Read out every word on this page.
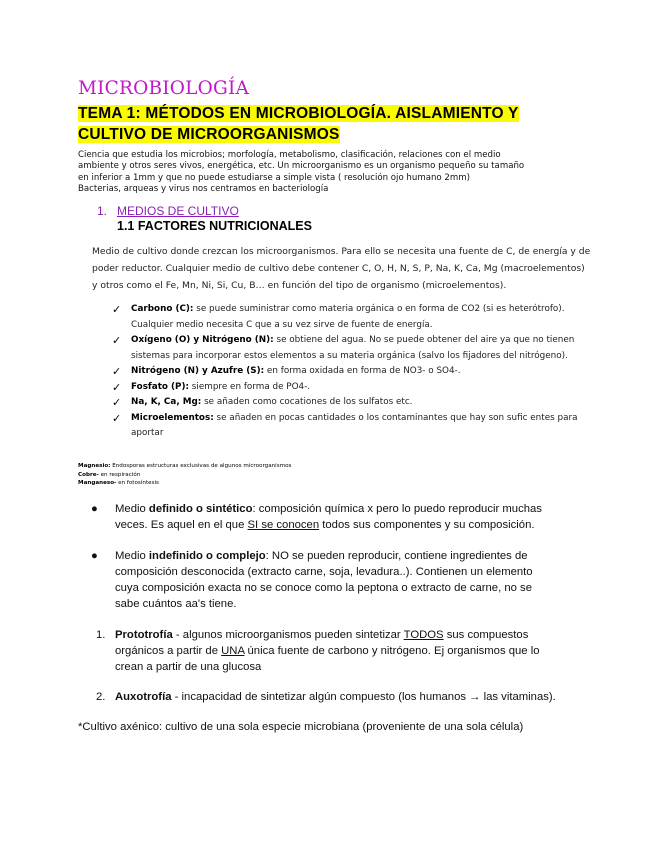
MICROBIOLOGÍA
TEMA 1: MÉTODOS EN MICROBIOLOGÍA. AISLAMIENTO Y
CULTIVO DE MICROORGANISMOS

Ciencia que estudia los microbios; morfología, metabolismo, clasificación, relaciones con el medio

ambiente y otros seres vivos, energética, etc. Un microorganismo es un organismo pequeño su tamaño

en inferior a 1mm y que no puede estudiarse a simple vista ( resolución ojo humano 2mm)

Bacterias, arqueas y virus nos centramos en bacteriología

1. MEDIOS DE CULTIVO
1.1 FACTORES NUTRICIONALES

Medio de cultivo donde crezcan los microorganismos. Para ello se necesita una fuente de C, de energía y de

poder reductor. Cualquier medio de cultivo debe contener C, O, H, N, S, P, Na, K, Ca, Mg (macroelementos)

y otros como el Fe, Mn, Ni, Si, Cu, B… en función del tipo de organismo (microelementos).

✓ Carbono (C): se puede suministrar como materia orgánica o en forma de CO2 (si es heterótrofo).

Cualquier medio necesita C que a su vez sirve de fuente de energía.

✓ Oxígeno (O) y Nitrógeno (N): se obtiene del agua. No se puede obtener del aire ya que no tienen

sistemas para incorporar estos elementos a su materia orgánica (salvo los fijadores del nitrógeno).

✓ Nitrógeno (N) y Azufre (S): en forma oxidada en forma de NO3- o SO4-.

✓ Fosfato (P): siempre en forma de PO4-.

✓ Na, K, Ca, Mg: se añaden como cocationes de los sulfatos etc.

✓ Microelementos: se añaden en pocas cantidades o los contaminantes que hay son sufic entes para

aportar

Magnesio: Endosporas estructuras exclusivas de algunos microorganismos

Cobre- en respiración

Manganeso- en fotosíntesis

● Medio definido o sintético: composición química x pero lo puedo reproducir muchas

veces. Es aquel en el que SI se conocen todos sus componentes y su composición.

● Medio indefinido o complejo: NO se pueden reproducir, contiene ingredientes de

composición desconocida (extracto carne, soja, levadura..). Contienen un elemento

cuya composición exacta no se conoce como la peptona o extracto de carne, no se

sabe cuántos aa's tiene.

1. Prototrofía - algunos microorganismos pueden sintetizar TODOS sus compuestos

orgánicos a partir de UNA única fuente de carbono y nitrógeno. Ej organismos que lo

crean a partir de una glucosa

2. Auxotrofía - incapacidad de sintetizar algún compuesto (los humanos → las vitaminas).

*Cultivo axénico: cultivo de una sola especie microbiana (proveniente de una sola célula)
